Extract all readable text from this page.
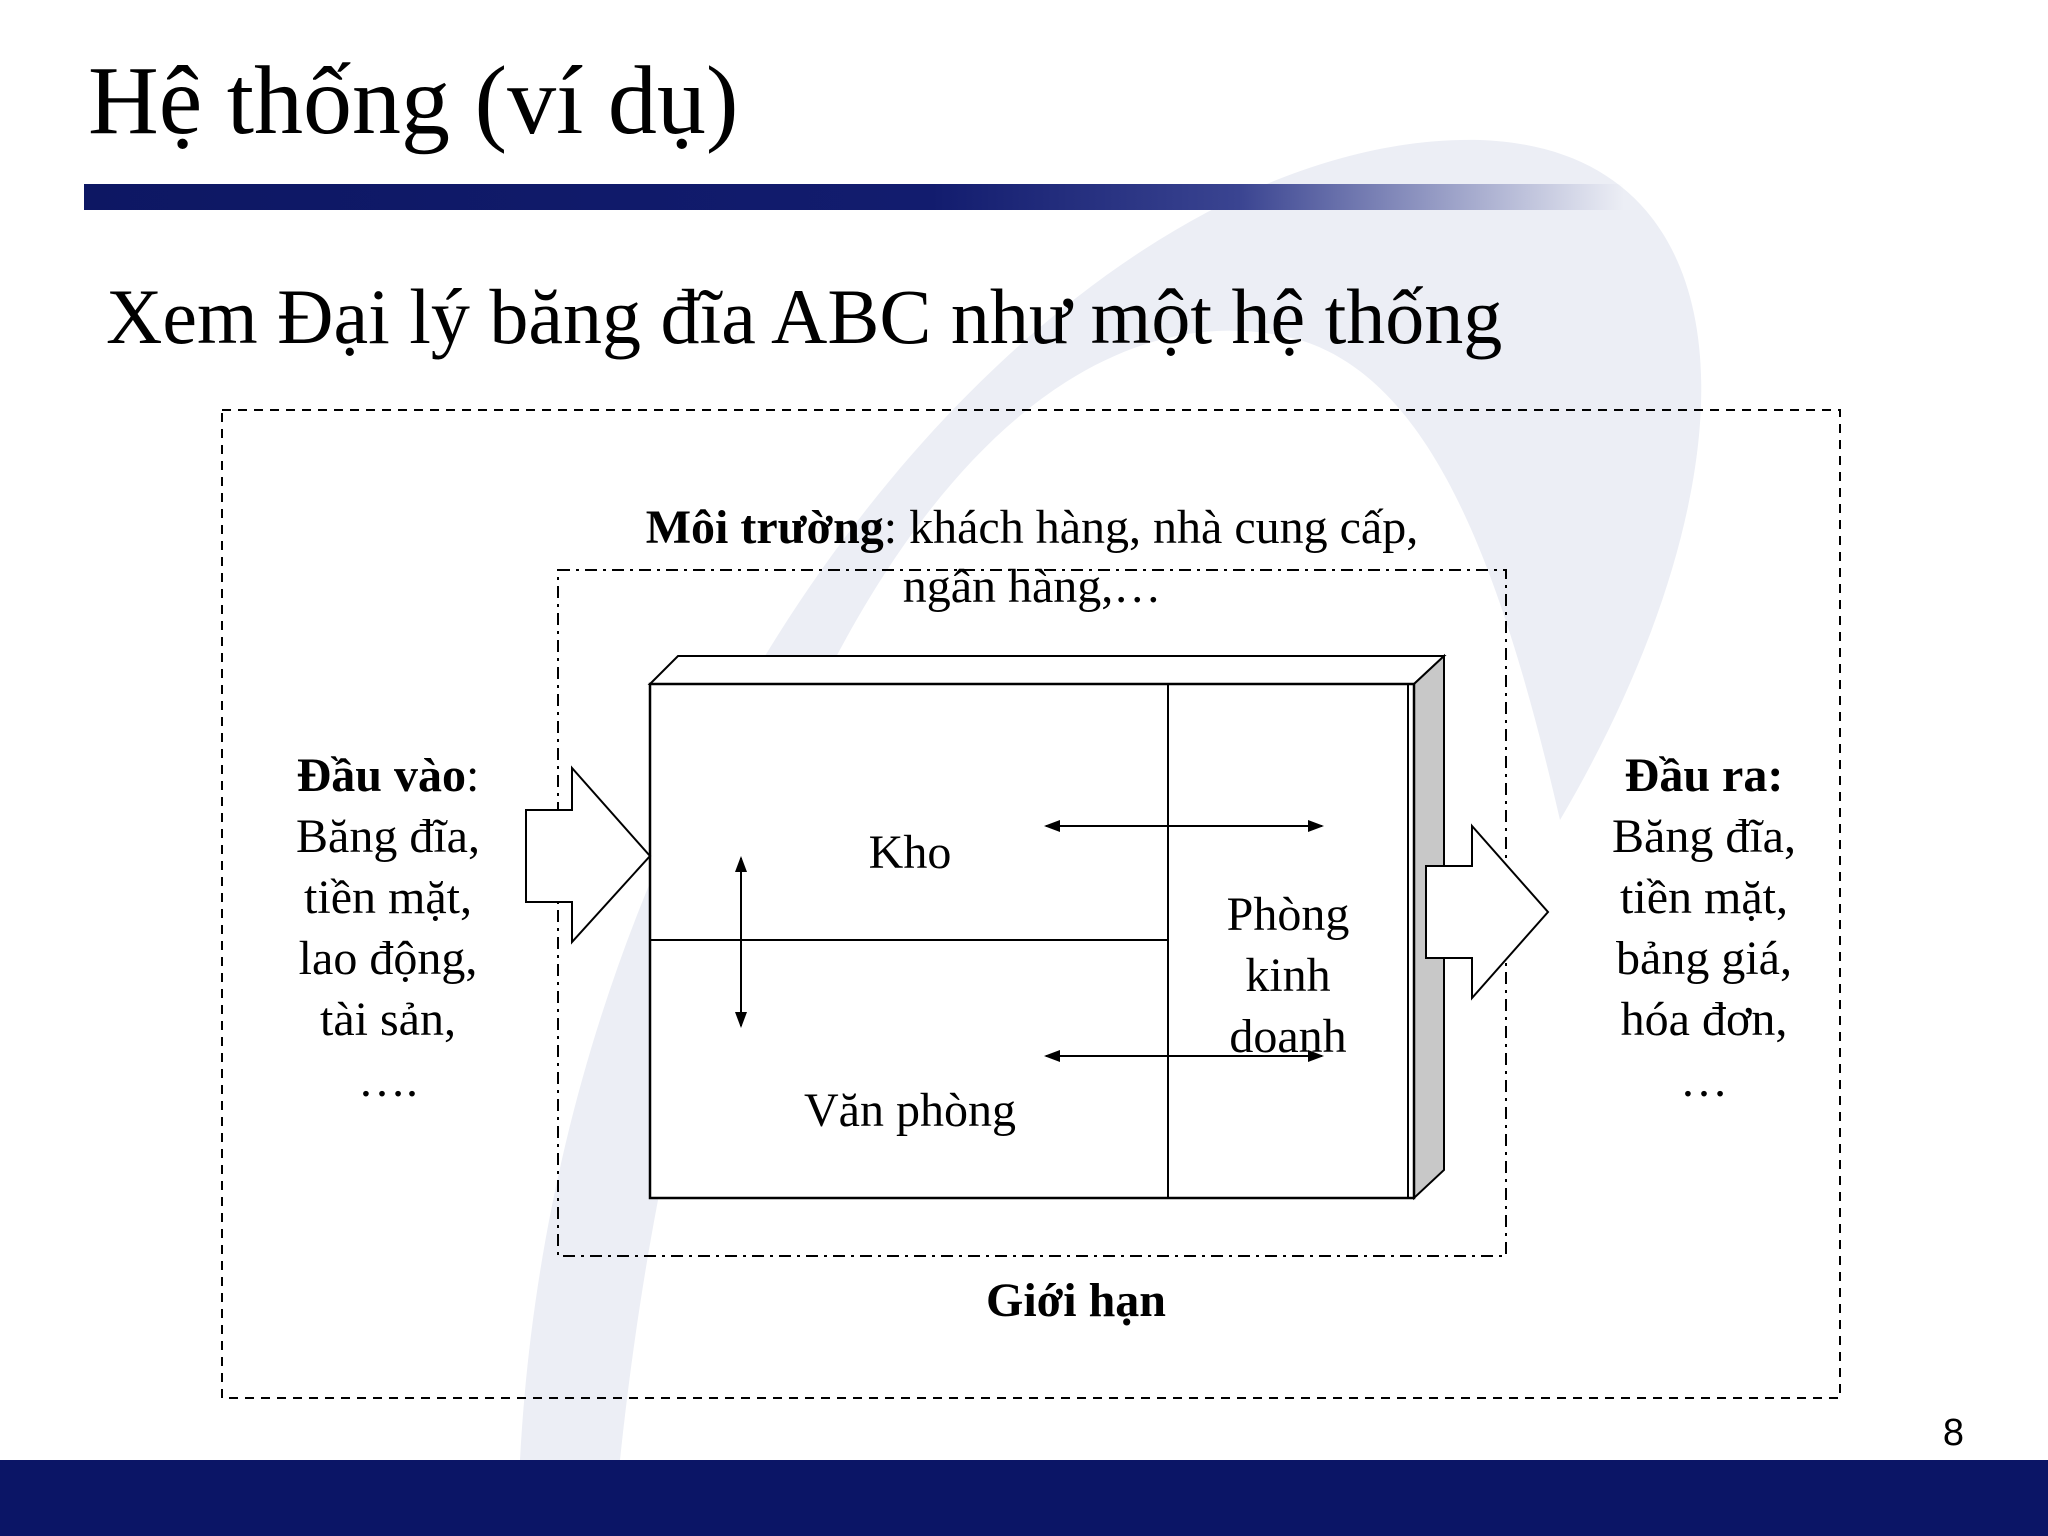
Hệ thống (ví dụ)
Xem Đại lý băng đĩa ABC như một hệ thống
Môi trường: khách hàng, nhà cung cấp,
ngân hàng,…
Đầu vào:
Băng đĩa,
tiền mặt,
lao động,
tài sản,
….
Đầu ra:
Băng đĩa,
tiền mặt,
bảng giá,
hóa đơn,
…
Kho
Văn phòng
Phòng
kinh
doanh
Giới hạn
8
